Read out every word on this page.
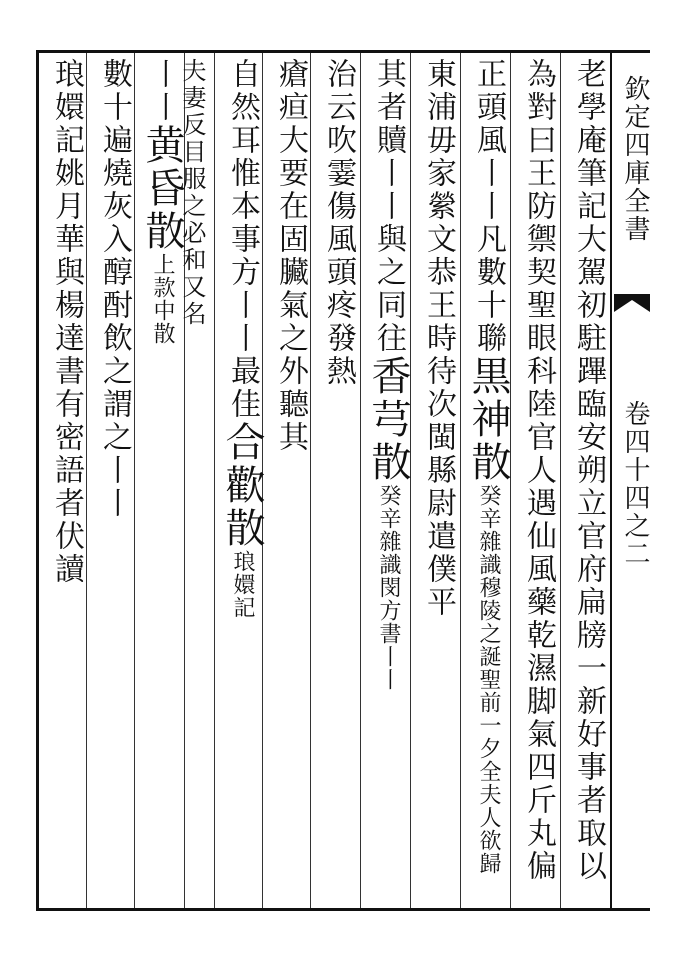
欽定四庫全書
卷四十四之二
老學庵筆記大駕初駐蹕臨安朔立官府扁牓一新好事者取以
為對曰王防禦契聖眼科陸官人遇仙風藥乾濕脚氣四斤丸偏
正頭風丨丨凡數十聯黒神散癸辛雜識穆陵之誕聖前一夕全夫人欲歸
東浦毋家縈文恭王時待次閩縣尉遣僕平
其者贖丨丨與之同往香芎散癸辛雜識閔方書丨丨
治云吹霎傷風頭疼發熱
瘡疸大要在固臟氣之外聽其
自然耳惟本事方丨丨最佳合歡散琅嬛記
夫妻反目服之必和又名
丨丨黄昏散上款中散
數十遍燒灰入醇酎飲之謂之丨丨
琅嬛記姚月華與楊達書有密語者伏讀
